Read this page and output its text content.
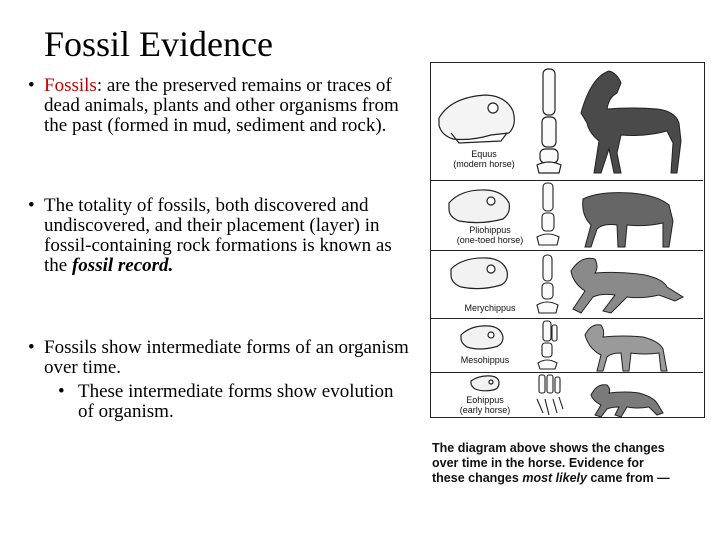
Fossil Evidence
• Fossils: are the preserved remains or traces of dead animals, plants and other organisms from the past (formed in mud, sediment and rock).
• The totality of fossils, both discovered and undiscovered, and their placement (layer) in fossil-containing rock formations is known as the fossil record.
• Fossils show intermediate forms of an organism over time.
• These intermediate forms show evolution of organism.
Equus
(modern horse)
Pliohippus
(one-toed horse)
Merychippus
Mesohippus
Eohippus
(early horse)
The diagram above shows the changes
over time in the horse. Evidence for
these changes most likely came from —
